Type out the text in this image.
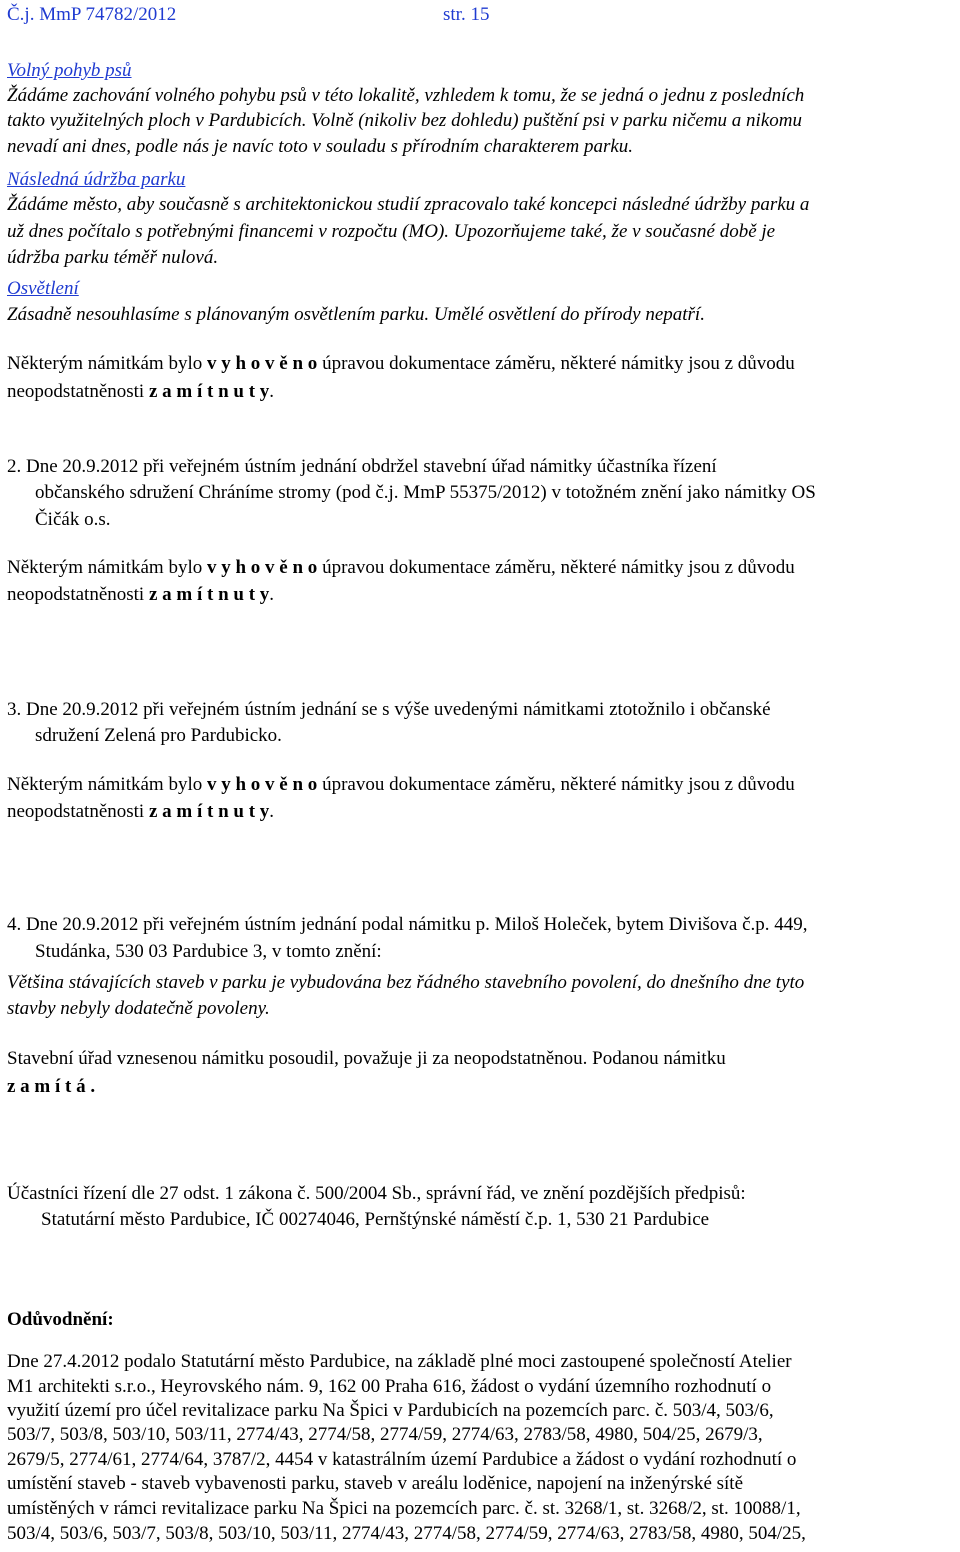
Č.j. MmP 74782/2012	str. 15
Volný pohyb psů
Žádáme zachování volného pohybu psů v této lokalitě, vzhledem k tomu, že se jedná o jednu z posledních
takto využitelných ploch v Pardubicích. Volně (nikoliv bez dohledu) puštění psi v parku ničemu a nikomu
nevadí ani dnes, podle nás je navíc toto v souladu s přírodním charakterem parku.
Následná údržba parku
Žádáme město, aby současně s architektonickou studií zpracovalo také koncepci následné údržby parku a
už dnes počítalo s potřebnými financemi v rozpočtu (MO). Upozorňujeme také, že v současné době je
údržba parku téměř nulová.
Osvětlení
Zásadně nesouhlasíme s plánovaným osvětlením parku. Umělé osvětlení do přírody nepatří.
Některým námitkám bylo v y h o v ě n o úpravou dokumentace záměru, některé námitky jsou z důvodu
neopodstatněnosti z a m í t n u t y.
2. Dne 20.9.2012 při veřejném ústním jednání obdržel stavební úřad námitky účastníka řízení
občanského sdružení Chráníme stromy (pod č.j. MmP 55375/2012) v totožném znění jako námitky OS
Čičák o.s.
Některým námitkám bylo v y h o v ě n o úpravou dokumentace záměru, některé námitky jsou z důvodu
neopodstatněnosti z a m í t n u t y.
3. Dne 20.9.2012 při veřejném ústním jednání se s výše uvedenými námitkami ztotožnilo i občanské
sdružení Zelená pro Pardubicko.
Některým námitkám bylo v y h o v ě n o úpravou dokumentace záměru, některé námitky jsou z důvodu
neopodstatněnosti z a m í t n u t y.
4. Dne 20.9.2012 při veřejném ústním jednání podal námitku p. Miloš Holeček, bytem Divišova č.p. 449,
Studánka, 530 03 Pardubice 3, v tomto znění:
Většina stávajících staveb v parku je vybudována bez řádného stavebního povolení, do dnešního dne tyto
stavby nebyly dodatečně povoleny.
Stavební úřad vznesenou námitku posoudil, považuje ji za neopodstatněnou. Podanou námitku
z a m í t á .
Účastníci řízení dle 27 odst. 1 zákona č. 500/2004 Sb., správní řád, ve znění pozdějších předpisů:
Statutární město Pardubice, IČ 00274046, Pernštýnské náměstí č.p. 1, 530 21 Pardubice
Odůvodnění:
Dne 27.4.2012 podalo Statutární město Pardubice, na základě plné moci zastoupené společností Atelier
M1 architekti s.r.o., Heyrovského nám. 9, 162 00 Praha 616, žádost o vydání územního rozhodnutí o
využití území pro účel revitalizace parku Na Špici v Pardubicích na pozemcích parc. č. 503/4, 503/6,
503/7, 503/8, 503/10, 503/11, 2774/43, 2774/58, 2774/59, 2774/63, 2783/58, 4980, 504/25, 2679/3,
2679/5, 2774/61, 2774/64, 3787/2, 4454 v katastrálním území Pardubice a žádost o vydání rozhodnutí o
umístění staveb - staveb vybavenosti parku, staveb v areálu loděnice, napojení na inženýrské sítě
umístěných v rámci revitalizace parku Na Špici na pozemcích parc. č. st. 3268/1, st. 3268/2, st. 10088/1,
503/4, 503/6, 503/7, 503/8, 503/10, 503/11, 2774/43, 2774/58, 2774/59, 2774/63, 2783/58, 4980, 504/25,
